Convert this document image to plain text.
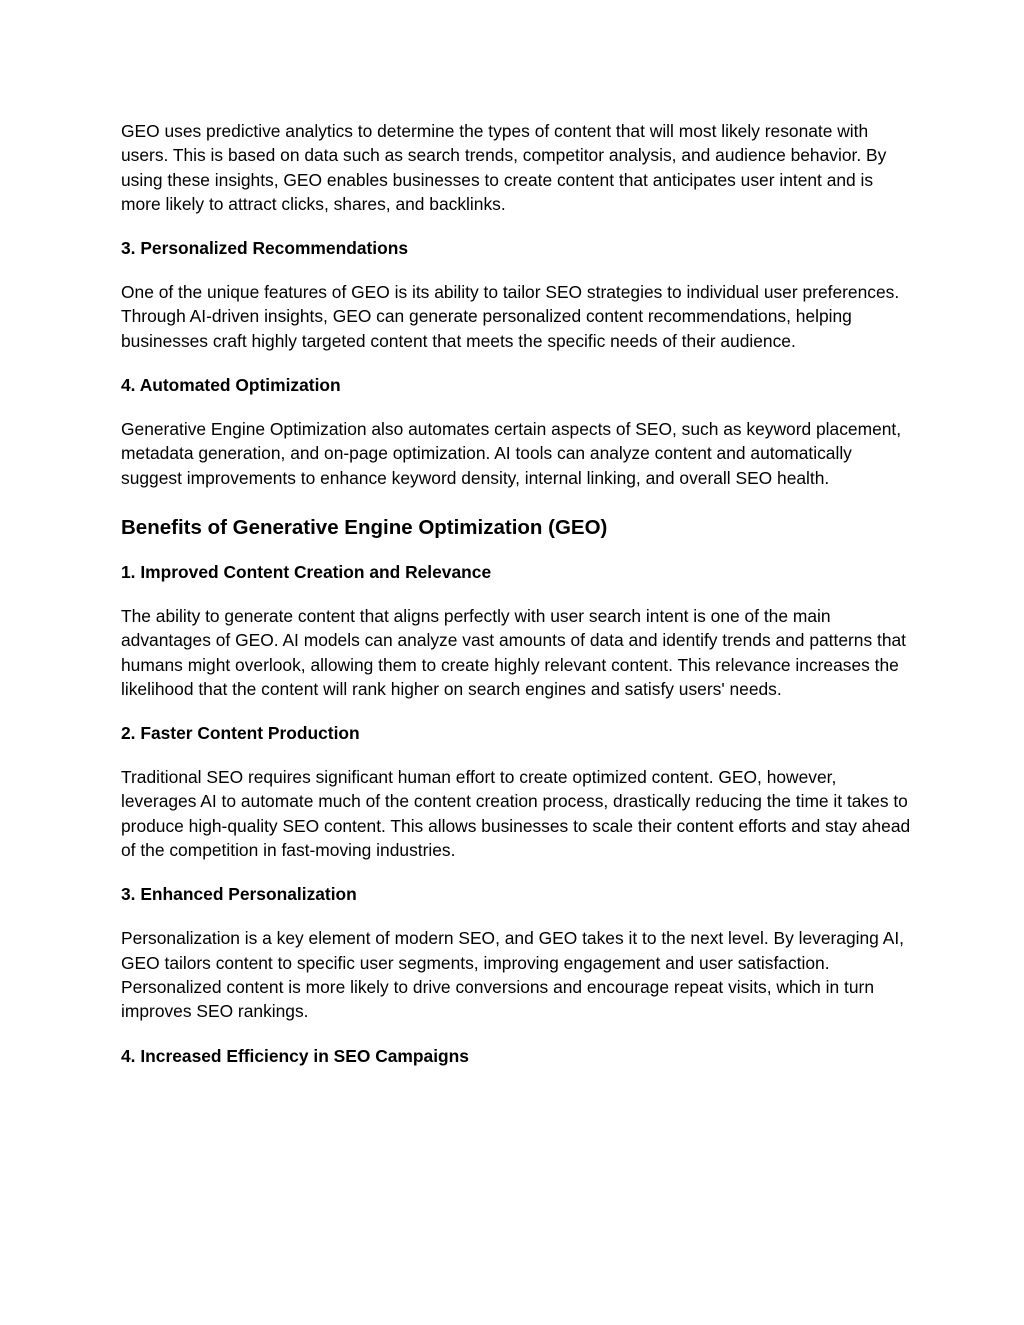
GEO uses predictive analytics to determine the types of content that will most likely resonate with users. This is based on data such as search trends, competitor analysis, and audience behavior. By using these insights, GEO enables businesses to create content that anticipates user intent and is more likely to attract clicks, shares, and backlinks.

3. Personalized Recommendations

One of the unique features of GEO is its ability to tailor SEO strategies to individual user preferences. Through AI-driven insights, GEO can generate personalized content recommendations, helping businesses craft highly targeted content that meets the specific needs of their audience.

4. Automated Optimization

Generative Engine Optimization also automates certain aspects of SEO, such as keyword placement, metadata generation, and on-page optimization. AI tools can analyze content and automatically suggest improvements to enhance keyword density, internal linking, and overall SEO health.

Benefits of Generative Engine Optimization (GEO)
1. Improved Content Creation and Relevance

The ability to generate content that aligns perfectly with user search intent is one of the main advantages of GEO. AI models can analyze vast amounts of data and identify trends and patterns that humans might overlook, allowing them to create highly relevant content. This relevance increases the likelihood that the content will rank higher on search engines and satisfy users' needs.

2. Faster Content Production

Traditional SEO requires significant human effort to create optimized content. GEO, however, leverages AI to automate much of the content creation process, drastically reducing the time it takes to produce high-quality SEO content. This allows businesses to scale their content efforts and stay ahead of the competition in fast-moving industries.

3. Enhanced Personalization

Personalization is a key element of modern SEO, and GEO takes it to the next level. By leveraging AI, GEO tailors content to specific user segments, improving engagement and user satisfaction. Personalized content is more likely to drive conversions and encourage repeat visits, which in turn improves SEO rankings.

4. Increased Efficiency in SEO Campaigns
